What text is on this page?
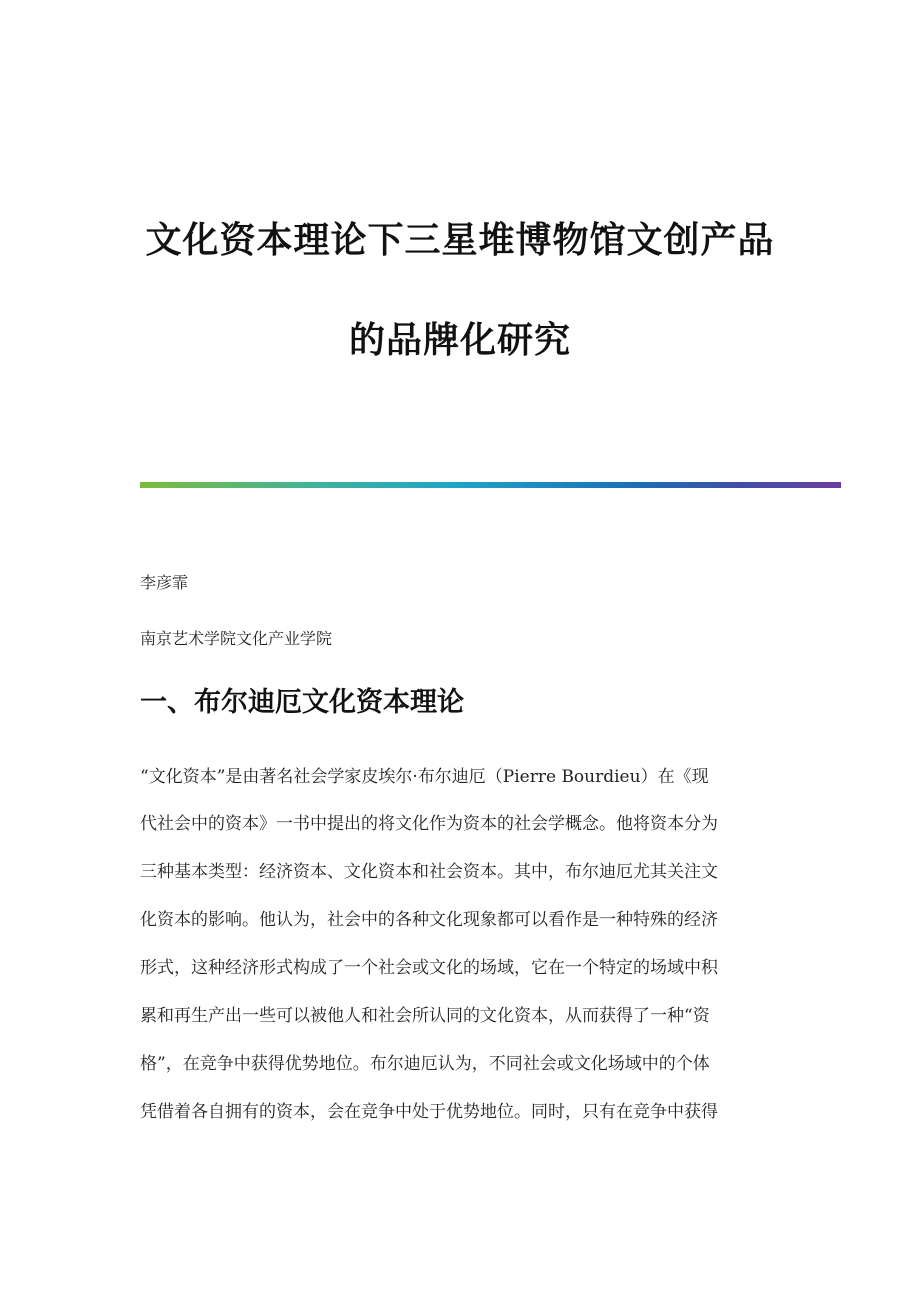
文化资本理论下三星堆博物馆文创产品
的品牌化研究
李彦霏
南京艺术学院文化产业学院
一、布尔迪厄文化资本理论
“文化资本”是由著名社会学家皮埃尔·布尔迪厄（Pierre Bourdieu）在《现
代社会中的资本》一书中提出的将文化作为资本的社会学概念。他将资本分为
三种基本类型：经济资本、文化资本和社会资本。其中，布尔迪厄尤其关注文
化资本的影响。他认为，社会中的各种文化现象都可以看作是一种特殊的经济
形式，这种经济形式构成了一个社会或文化的场域，它在一个特定的场域中积
累和再生产出一些可以被他人和社会所认同的文化资本，从而获得了一种“资
格”，在竞争中获得优势地位。布尔迪厄认为，不同社会或文化场域中的个体
凭借着各自拥有的资本，会在竞争中处于优势地位。同时，只有在竞争中获得
